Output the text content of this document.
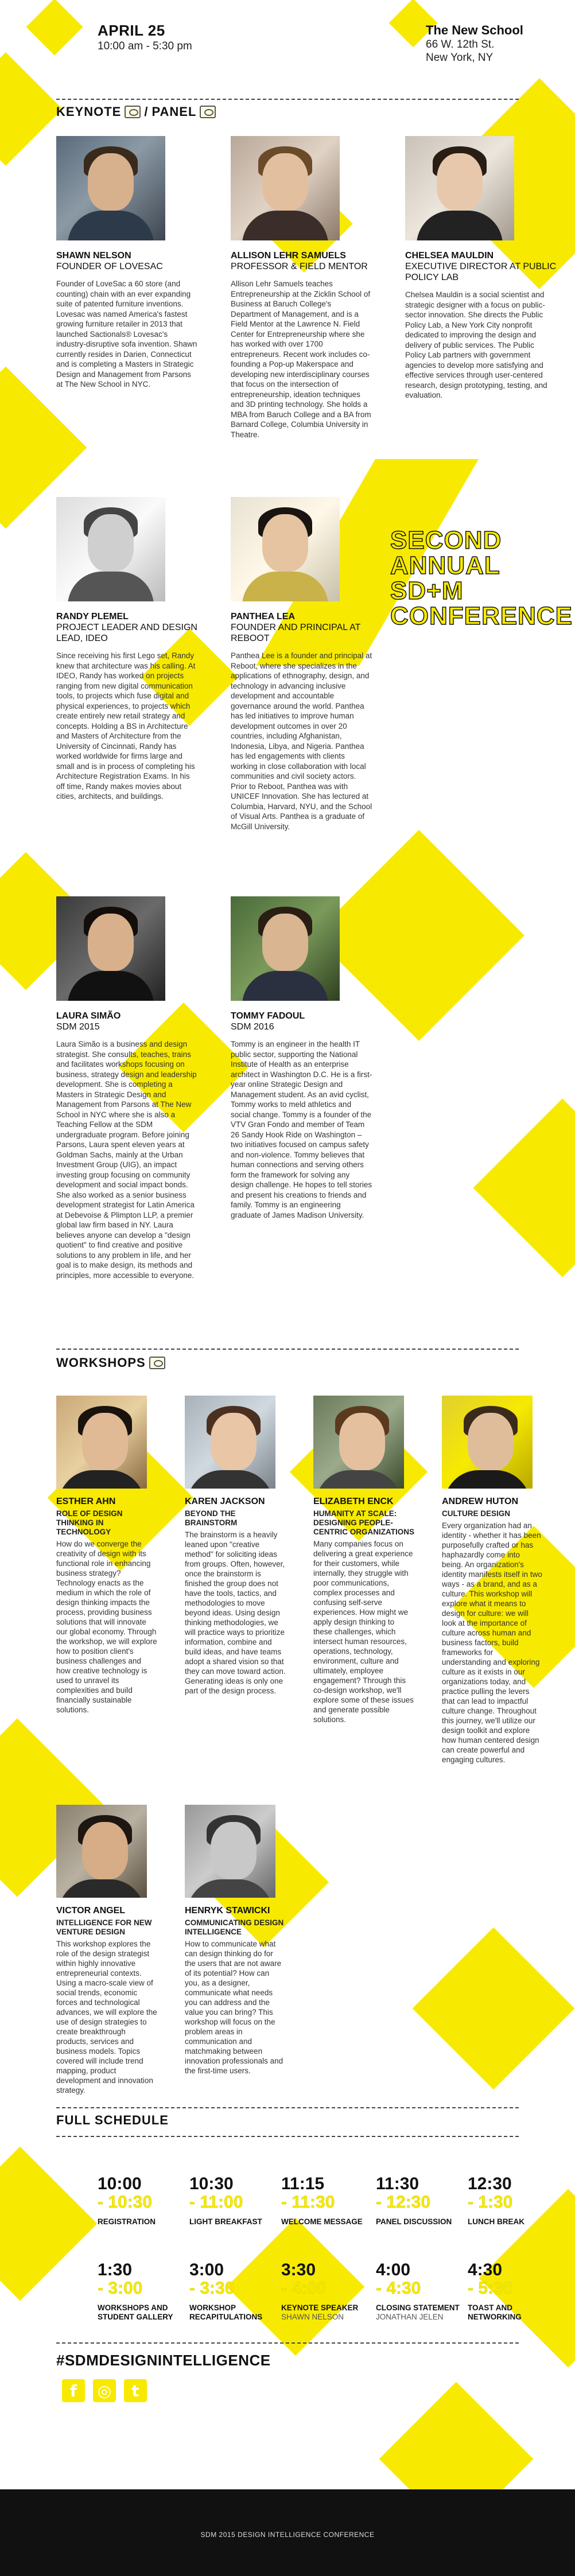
APRIL 25
10:00 am - 5:30 pm
The New School
66 W. 12th St.
New York, NY
KEYNOTE / PANEL
SHAWN NELSON
FOUNDER OF LOVESAC
Founder of LoveSac a 60 store (and counting) chain with an ever expanding suite of patented furniture inventions. Lovesac was named America's fastest growing furniture retailer in 2013 that launched Sactionals® Lovesac's industry-disruptive sofa invention. Shawn currently resides in Darien, Connecticut and is completing a Masters in Strategic Design and Management from Parsons at The New School in NYC.
ALLISON LEHR SAMUELS
PROFESSOR & FIELD MENTOR
Allison Lehr Samuels teaches Entrepreneurship at the Zicklin School of Business at Baruch College's Department of Management, and is a Field Mentor at the Lawrence N. Field Center for Entrepreneurship where she has worked with over 1700 entrepreneurs. Recent work includes co-founding a Pop-up Makerspace and developing new interdisciplinary courses that focus on the intersection of entrepreneurship, ideation techniques and 3D printing technology. She holds a MBA from Baruch College and a BA from Barnard College, Columbia University in Theatre.
CHELSEA MAULDIN
EXECUTIVE DIRECTOR AT PUBLIC POLICY LAB
Chelsea Mauldin is a social scientist and strategic designer with a focus on public-sector innovation. She directs the Public Policy Lab, a New York City nonprofit dedicated to improving the design and delivery of public services. The Public Policy Lab partners with government agencies to develop more satisfying and effective services through user-centered research, design prototyping, testing, and evaluation.
RANDY PLEMEL
PROJECT LEADER AND DESIGN LEAD, IDEO
Since receiving his first Lego set, Randy knew that architecture was his calling. At IDEO, Randy has worked on projects ranging from new digital communication tools, to projects which fuse digital and physical experiences, to projects which create entirely new retail strategy and concepts. Holding a BS in Architecture and Masters of Architecture from the University of Cincinnati, Randy has worked worldwide for firms large and small and is in process of completing his Architecture Registration Exams. In his off time, Randy makes movies about cities, architects, and buildings.
PANTHEA LEA
FOUNDER AND PRINCIPAL AT REBOOT
Panthea Lee is a founder and principal at Reboot, where she specializes in the applications of ethnography, design, and technology in advancing inclusive development and accountable governance around the world. Panthea has led initiatives to improve human development outcomes in over 20 countries, including Afghanistan, Indonesia, Libya, and Nigeria. Panthea has led engagements with clients working in close collaboration with local communities and civil society actors. Prior to Reboot, Panthea was with UNICEF Innovation. She has lectured at Columbia, Harvard, NYU, and the School of Visual Arts. Panthea is a graduate of McGill University.
SECOND
ANNUAL
SD+M
CONFERENCE
LAURA SIMÃO
SDM 2015
Laura Simão is a business and design strategist. She consults, teaches, trains and facilitates workshops focusing on business, strategy design and leadership development. She is completing a Masters in Strategic Design and Management from Parsons at The New School in NYC where she is also a Teaching Fellow at the SDM undergraduate program. Before joining Parsons, Laura spent eleven years at Goldman Sachs, mainly at the Urban Investment Group (UIG), an impact investing group focusing on community development and social impact bonds. She also worked as a senior business development strategist for Latin America at Debevoise & Plimpton LLP, a premier global law firm based in NY. Laura believes anyone can develop a "design quotient" to find creative and positive solutions to any problem in life, and her goal is to make design, its methods and principles, more accessible to everyone.
TOMMY FADOUL
SDM 2016
Tommy is an engineer in the health IT public sector, supporting the National Institute of Health as an enterprise architect in Washington D.C. He is a first-year online Strategic Design and Management student. As an avid cyclist, Tommy works to meld athletics and social change. Tommy is a founder of the VTV Gran Fondo and member of Team 26 Sandy Hook Ride on Washington – two initiatives focused on campus safety and non-violence. Tommy believes that human connections and serving others form the framework for solving any design challenge. He hopes to tell stories and present his creations to friends and family. Tommy is an engineering graduate of James Madison University.
WORKSHOPS
ESTHER AHN
ROLE OF DESIGN THINKING IN TECHNOLOGY
How do we converge the creativity of design with its functional role in enhancing business strategy? Technology enacts as the medium in which the role of design thinking impacts the process, providing business solutions that will innovate our global economy. Through the workshop, we will explore how to position client's business challenges and how creative technology is used to unravel its complexities and build financially sustainable solutions.
KAREN JACKSON
BEYOND THE BRAINSTORM
The brainstorm is a heavily leaned upon "creative method" for soliciting ideas from groups. Often, however, once the brainstorm is finished the group does not have the tools, tactics, and methodologies to move beyond ideas. Using design thinking methodologies, we will practice ways to prioritize information, combine and build ideas, and have teams adopt a shared vision so that they can move toward action. Generating ideas is only one part of the design process.
ELIZABETH ENCK
HUMANITY AT SCALE: DESIGNING PEOPLE-CENTRIC ORGANIZATIONS
Many companies focus on delivering a great experience for their customers, while internally, they struggle with poor communications, complex processes and confusing self-serve experiences. How might we apply design thinking to these challenges, which intersect human resources, operations, technology, environment, culture and ultimately, employee engagement? Through this co-design workshop, we'll explore some of these issues and generate possible solutions.
ANDREW HUTON
CULTURE DESIGN
Every organization had an identity - whether it has been purposefully crafted or has haphazardly come into being. An organization's identity manifests itself in two ways - as a brand, and as a culture. This workshop will explore what it means to design for culture: we will look at the importance of culture across human and business factors, build frameworks for understanding and exploring culture as it exists in our organizations today, and practice pulling the levers that can lead to impactful culture change. Throughout this journey, we'll utilize our design toolkit and explore how human centered design can create powerful and engaging cultures.
VICTOR ANGEL
INTELLIGENCE FOR NEW VENTURE DESIGN
This workshop explores the role of the design strategist within highly innovative entrepreneurial contexts. Using a macro-scale view of social trends, economic forces and technological advances, we will explore the use of design strategies to create breakthrough products, services and business models. Topics covered will include trend mapping, product development and innovation strategy.
HENRYK STAWICKI
COMMUNICATING DESIGN INTELLIGENCE
How to communicate what can design thinking do for the users that are not aware of its potential? How can you, as a designer, communicate what needs you can address and the value you can bring? This workshop will focus on the problem areas in communication and matchmaking between innovation professionals and the first-time users.
FULL SCHEDULE
10:00
- 10:30
REGISTRATION
10:30
- 11:00
LIGHT BREAKFAST
11:15
- 11:30
WELCOME MESSAGE
11:30
- 12:30
PANEL DISCUSSION
12:30
- 1:30
LUNCH BREAK
1:30
- 3:00
WORKSHOPS AND STUDENT GALLERY
3:00
- 3:30
WORKSHOP RECAPITULATIONS
3:30
- 4:00
KEYNOTE SPEAKER
SHAWN NELSON
4:00
- 4:30
CLOSING STATEMENT
JONATHAN JELEN
4:30
- 5:30
TOAST AND NETWORKING
#SDMDESIGNINTELLIGENCE
f	◎	t
SDM 2015 DESIGN INTELLIGENCE CONFERENCE
